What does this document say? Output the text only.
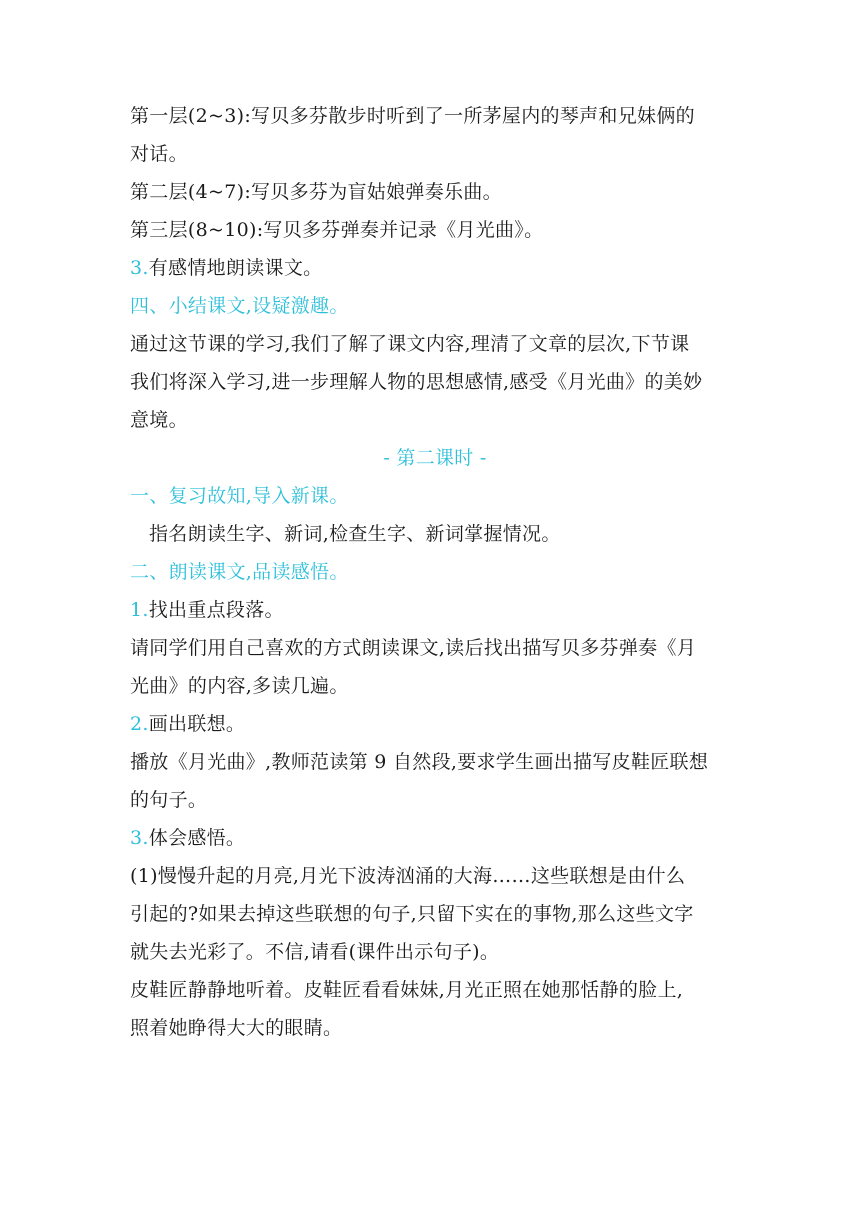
第一层(2~3):写贝多芬散步时听到了一所茅屋内的琴声和兄妹俩的

对话。

第二层(4~7):写贝多芬为盲姑娘弹奏乐曲。

第三层(8~10):写贝多芬弹奏并记录《月光曲》。

3.有感情地朗读课文。

四、小结课文,设疑激趣。

通过这节课的学习,我们了解了课文内容,理清了文章的层次,下节课

我们将深入学习,进一步理解人物的思想感情,感受《月光曲》的美妙

意境。

- 第二课时 -

一、复习故知,导入新课。

指名朗读生字、新词,检查生字、新词掌握情况。

二、朗读课文,品读感悟。

1.找出重点段落。

请同学们用自己喜欢的方式朗读课文,读后找出描写贝多芬弹奏《月

光曲》的内容,多读几遍。

2.画出联想。

播放《月光曲》,教师范读第 9 自然段,要求学生画出描写皮鞋匠联想

的句子。

3.体会感悟。

(1)慢慢升起的月亮,月光下波涛汹涌的大海……这些联想是由什么

引起的?如果去掉这些联想的句子,只留下实在的事物,那么这些文字

就失去光彩了。不信,请看(课件出示句子)。

皮鞋匠静静地听着。皮鞋匠看看妹妹,月光正照在她那恬静的脸上,

照着她睁得大大的眼睛。
